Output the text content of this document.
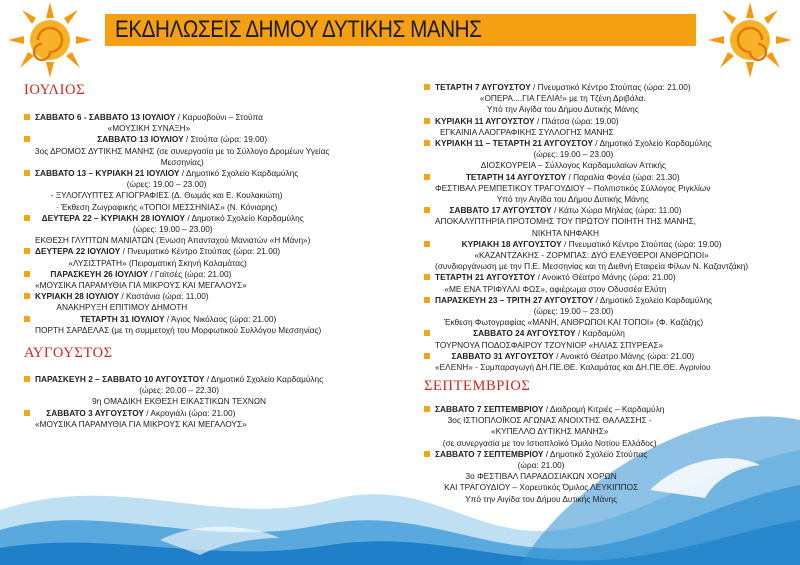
ΕΚΔΗΛΩΣΕΙΣ ΔΗΜΟΥ ΔΥΤΙΚΗΣ ΜΑΝΗΣ
ΙΟΥΛΙΟΣ
ΣΑΒΒΑΤΟ 6 - ΣΑΒΒΑΤΟ 13 ΙΟΥΛΙΟΥ / Καρυοβούνι – Στούπα
«ΜΟΥΣΙΚΗ ΣΥΝΑΞΗ»
ΣΑΒΒΑΤΟ 13 ΙΟΥΛΙΟΥ / Στούπα (ώρα: 19.00)
3ος ΔΡΟΜΟΣ ΔΥΤΙΚΗΣ ΜΑΝΗΣ (σε συνεργασία με το Σύλλογο Δρομέων Υγείας
Μεσσηνίας)
ΣΑΒΒΑΤΟ 13 – ΚΥΡΙΑΚΗ 21 ΙΟΥΛΙΟΥ / Δημοτικό Σχολείο Καρδαμύλης
(ώρες: 19.00 – 23.00)
- ΞΥΛΟΓΛΥΠΤΕΣ ΑΓΙΟΓΡΑΦΙΕΣ (Δ. Θωμάς και Ε. Κουλακιώτη)
· Έκθεση Ζωγραφικής «ΤΟΠΟΙ ΜΕΣΣΗΝΙΑΣ» (Ν. Κόνιαρης)
ΔΕΥΤΕΡΑ 22 – ΚΥΡΙΑΚΗ 28 ΙΟΥΛΙΟΥ / Δημοτικό Σχολείο Καρδαμύλης
(ώρες: 19.00 – 23.00)
ΕΚΘΕΣΗ ΓΛΥΠΤΩΝ ΜΑΝΙΑΤΩΝ (Ένωση Απανταχού Μανιατών «Η Μάνη»)
ΔΕΥΤΕΡΑ 22 ΙΟΥΛΙΟΥ / Πνευματικό Κέντρο Στούπας (ώρα: 21.00)
«ΛΥΣΙΣΤΡΑΤΗ» (Πειραματική Σκηνή Καλαμάτας)
ΠΑΡΑΣΚΕΥΗ 26 ΙΟΥΛΙΟΥ / Γαϊτσές (ώρα: 21.00)
«ΜΟΥΣΙΚΑ ΠΑΡΑΜΥΘΙΑ ΓΙΑ ΜΙΚΡΟΥΣ ΚΑΙ ΜΕΓΑΛΟΥΣ»
ΚΥΡΙΑΚΗ 28 ΙΟΥΛΙΟΥ / Καστάνια (ώρα: 11.00)
ΑΝΑΚΗΡΥΞΗ ΕΠΙΤΙΜΟΥ ΔΗΜΟΤΗ
ΤΕΤΑΡΤΗ 31 ΙΟΥΛΙΟΥ / Άγιος Νικόλαος (ώρα: 21.00)
ΠΟΡΤΗ ΣΑΡΔΕΛΑΣ (με τη συμμετοχή του Μορφωτικού Συλλόγου Μεσσηνίας)
ΑΥΓΟΥΣΤΟΣ
ΠΑΡΑΣΚΕΥΗ 2 – ΣΑΒΒΑΤΟ 10 ΑΥΓΟΥΣΤΟΥ / Δημοτικό Σχολείο Καρδαμύλης
(ώρες: 20.00 – 22.30)
9η ΟΜΑΔΙΚΗ ΕΚΘΕΣΗ ΕΙΚΑΣΤΙΚΩΝ ΤΕΧΝΩΝ
ΣΑΒΒΑΤΟ 3 ΑΥΓΟΥΣΤΟΥ / Ακρογιάλι (ώρα: 21.00)
«ΜΟΥΣΙΚΑ ΠΑΡΑΜΥΘΙΑ ΓΙΑ ΜΙΚΡΟΥΣ ΚΑΙ ΜΕΓΑΛΟΥΣ»
ΤΕΤΑΡΤΗ 7 ΑΥΓΟΥΣΤΟΥ / Πνευματικό Κέντρο Στούπας (ώρα: 21.00)
«ΟΠΕΡΑ....ΓΙΑ ΓΕΛΙΑ!» με τη Τζένη Δριβάλα.
Υπό την Αιγίδα του Δήμου Δυτικής Μάνης
ΚΥΡΙΑΚΗ 11 ΑΥΓΟΥΣΤΟΥ / Πλάτσα (ώρα: 19.00)
ΕΓΚΑΙΝΙΑ ΛΑΟΓΡΑΦΙΚΗΣ ΣΥΛΛΟΓΗΣ ΜΑΝΗΣ
ΚΥΡΙΑΚΗ 11 – ΤΕΤΑΡΤΗ 21 ΑΥΓΟΥΣΤΟΥ / Δημοτικό Σχολείο Καρδαμύλης
(ώρες: 19.00 – 23.00)
ΔΙΟΣΚΟΥΡΕΙΑ – Σύλλογος Καρδαμυλαίων Αττικής
ΤΕΤΑΡΤΗ 14 ΑΥΓΟΥΣΤΟΥ / Παραλία Φονέα (ώρα: 21.30)
ΦΕΣΤΙΒΑΛ ΡΕΜΠΕΤΙΚΟΥ ΤΡΑΓΟΥΔΙΟΥ – Πολιτιστικός Σύλλογος Ριγκλίων
Υπό την Αιγίδα του Δήμου Δυτικής Μάνης
ΣΑΒΒΑΤΟ 17 ΑΥΓΟΥΣΤΟΥ / Κάτω Χώρα Μηλέας (ώρα: 11.00)
ΑΠΟΚΑΛΥΠΤΗΡΙΑ ΠΡΟΤΟΜΗΣ ΤΟΥ ΠΡΩΤΟΥ ΠΟΙΗΤΗ ΤΗΣ ΜΑΝΗΣ,
ΝΙΚΗΤΑ ΝΗΦΑΚΗ
ΚΥΡΙΑΚΗ 18 ΑΥΓΟΥΣΤΟΥ / Πνευματικό Κέντρο Στούπας (ώρα: 19.00)
«ΚΑΖΑΝΤΖΑΚΗΣ - ΖΟΡΜΠΑΣ: ΔΥΟ ΕΛΕΥΘΕΡΟΙ ΑΝΘΡΩΠΟΙ»
(συνδιοργάνωση με την Π.Ε. Μεσσηνίας και τη Διεθνή Εταιρεία Φίλων Ν. Καζαντζάκη)
ΤΕΤΑΡΤΗ 21 ΑΥΓΟΥΣΤΟΥ / Ανοικτό Θέατρο Μάνης (ώρα: 21.00)
«ΜΕ ΕΝΑ ΤΡΙΦΥΛΛΙ ΦΩΣ», αφιέρωμα στον Οδυσσέα Ελύτη
ΠΑΡΑΣΚΕΥΗ 23 – ΤΡΙΤΗ 27 ΑΥΓΟΥΣΤΟΥ / Δημοτικό Σχολείο Καρδαμύλης
(ώρες: 19.00 – 23.00)
Έκθεση Φωτογραφίας «ΜΑΝΗ, ΑΝΘΡΩΠΟΙ ΚΑΙ ΤΟΠΟΙ» (Φ. Καζάζης)
ΣΑΒΒΑΤΟ 24 ΑΥΓΟΥΣΤΟΥ / Καρδαμύλη
ΤΟΥΡΝΟΥΑ ΠΟΔΟΣΦΑΙΡΟΥ ΤΖΟΥΝΙΟΡ «ΗΛΙΑΣ ΣΠΥΡΕΑΣ»
ΣΑΒΒΑΤΟ 31 ΑΥΓΟΥΣΤΟΥ / Ανοικτό Θέατρο Μάνης (ώρα: 21.00)
«ΕΛΕΝΗ» - Συμπαραγωγή ΔΗ.ΠΕ.ΘΕ. Καλαμάτας και ΔΗ.ΠΕ.ΘΕ. Αγρινίου
ΣΕΠΤΕΜΒΡΙΟΣ
ΣΑΒΒΑΤΟ 7 ΣΕΠΤΕΜΒΡΙΟΥ / Διαδρομή Κιτριές – Καρδαμύλη
3ος ΙΣΤΙΟΠΛΟΪΚΟΣ ΑΓΩΝΑΣ ΑΝΟΙΧΤΗΣ ΘΑΛΑΣΣΗΣ -
«ΚΥΠΕΛΛΟ ΔΥΤΙΚΗΣ ΜΑΝΗΣ»
(σε συνεργασία με τον Ιστιοπλοϊκό Όμιλο Νοτίου Ελλάδος)
ΣΑΒΒΑΤΟ 7 ΣΕΠΤΕΜΒΡΙΟΥ / Δημοτικό Σχολείο Στούπας
(ώρα: 21.00)
3ο ΦΕΣΤΙΒΑΛ ΠΑΡΑΔΟΣΙΑΚΩΝ ΧΟΡΩΝ
ΚΑΙ ΤΡΑΓΟΥΔΙΟΥ – Χορευτικός Όμιλος ΛΕΥΚΙΠΠΟΣ
Υπό την Αιγίδα του Δήμου Δυτικής Μάνης
